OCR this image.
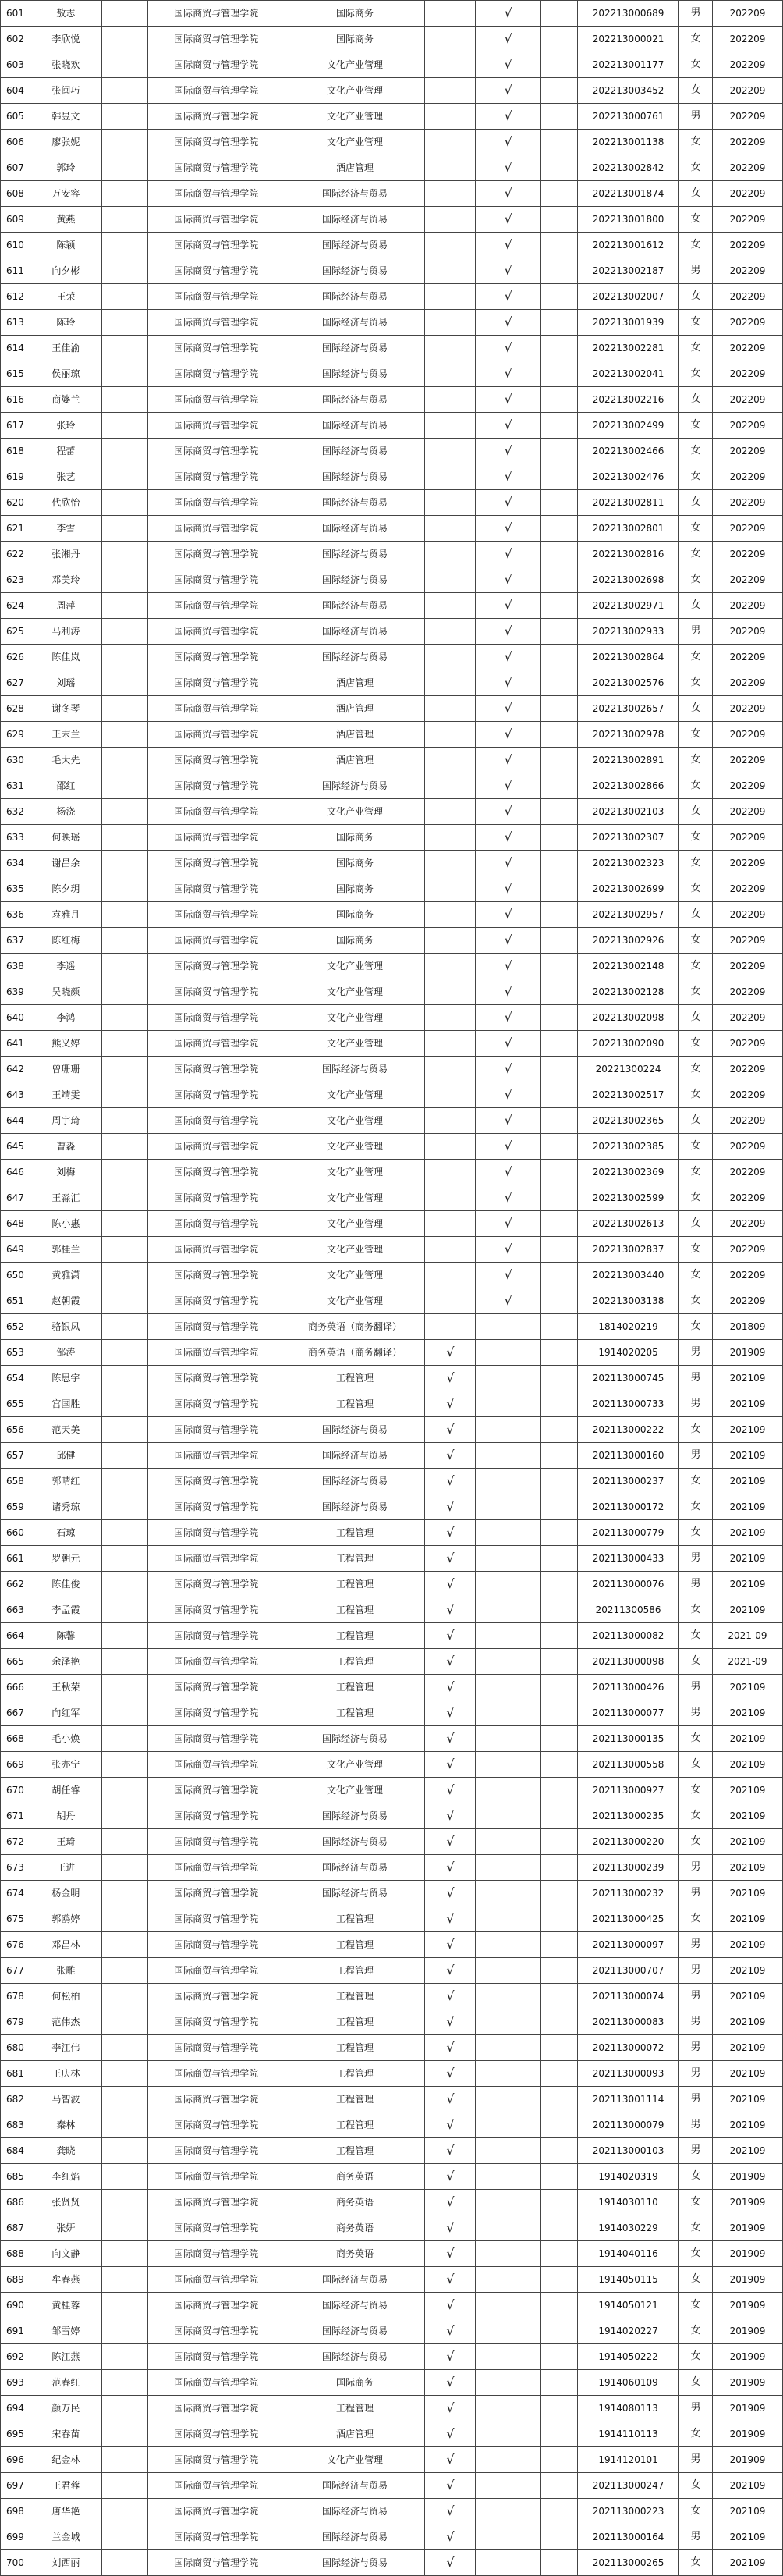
601	敖志		国际商贸与管理学院	国际商务		√		202213000689	男	202209
602	李欣悦		国际商贸与管理学院	国际商务		√		202213000021	女	202209
603	张晓欢		国际商贸与管理学院	文化产业管理		√		202213001177	女	202209
604	张闽巧		国际商贸与管理学院	文化产业管理		√		202213003452	女	202209
605	韩昱文		国际商贸与管理学院	文化产业管理		√		202213000761	男	202209
606	廖张妮		国际商贸与管理学院	文化产业管理		√		202213001138	女	202209
607	郭玲		国际商贸与管理学院	酒店管理		√		202213002842	女	202209
608	万安容		国际商贸与管理学院	国际经济与贸易		√		202213001874	女	202209
609	黄燕		国际商贸与管理学院	国际经济与贸易		√		202213001800	女	202209
610	陈颖		国际商贸与管理学院	国际经济与贸易		√		202213001612	女	202209
611	向夕彬		国际商贸与管理学院	国际经济与贸易		√		202213002187	男	202209
612	王荣		国际商贸与管理学院	国际经济与贸易		√		202213002007	女	202209
613	陈玲		国际商贸与管理学院	国际经济与贸易		√		202213001939	女	202209
614	王佳渝		国际商贸与管理学院	国际经济与贸易		√		202213002281	女	202209
615	侯丽琼		国际商贸与管理学院	国际经济与贸易		√		202213002041	女	202209
616	商婆兰		国际商贸与管理学院	国际经济与贸易		√		202213002216	女	202209
617	张玲		国际商贸与管理学院	国际经济与贸易		√		202213002499	女	202209
618	程蕾		国际商贸与管理学院	国际经济与贸易		√		202213002466	女	202209
619	张艺		国际商贸与管理学院	国际经济与贸易		√		202213002476	女	202209
620	代欣怡		国际商贸与管理学院	国际经济与贸易		√		202213002811	女	202209
621	李雪		国际商贸与管理学院	国际经济与贸易		√		202213002801	女	202209
622	张湘丹		国际商贸与管理学院	国际经济与贸易		√		202213002816	女	202209
623	邓美玲		国际商贸与管理学院	国际经济与贸易		√		202213002698	女	202209
624	周萍		国际商贸与管理学院	国际经济与贸易		√		202213002971	女	202209
625	马利涛		国际商贸与管理学院	国际经济与贸易		√		202213002933	男	202209
626	陈佳岚		国际商贸与管理学院	国际经济与贸易		√		202213002864	女	202209
627	刘瑶		国际商贸与管理学院	酒店管理		√		202213002576	女	202209
628	谢冬琴		国际商贸与管理学院	酒店管理		√		202213002657	女	202209
629	王末兰		国际商贸与管理学院	酒店管理		√		202213002978	女	202209
630	毛大先		国际商贸与管理学院	酒店管理		√		202213002891	女	202209
631	邵红		国际商贸与管理学院	国际经济与贸易		√		202213002866	女	202209
632	杨浇		国际商贸与管理学院	文化产业管理		√		202213002103	女	202209
633	何映瑶		国际商贸与管理学院	国际商务		√		202213002307	女	202209
634	谢昌余		国际商贸与管理学院	国际商务		√		202213002323	女	202209
635	陈夕玥		国际商贸与管理学院	国际商务		√		202213002699	女	202209
636	袁雅月		国际商贸与管理学院	国际商务		√		202213002957	女	202209
637	陈红梅		国际商贸与管理学院	国际商务		√		202213002926	女	202209
638	李遥		国际商贸与管理学院	文化产业管理		√		202213002148	女	202209
639	吴晓颜		国际商贸与管理学院	文化产业管理		√		202213002128	女	202209
640	李鸿		国际商贸与管理学院	文化产业管理		√		202213002098	女	202209
641	熊义婷		国际商贸与管理学院	文化产业管理		√		202213002090	女	202209
642	曾珊珊		国际商贸与管理学院	国际经济与贸易		√		20221300224	女	202209
643	王靖雯		国际商贸与管理学院	文化产业管理		√		202213002517	女	202209
644	周宇琦		国际商贸与管理学院	文化产业管理		√		202213002365	女	202209
645	曹淼		国际商贸与管理学院	文化产业管理		√		202213002385	女	202209
646	刘梅		国际商贸与管理学院	文化产业管理		√		202213002369	女	202209
647	王淼汇		国际商贸与管理学院	文化产业管理		√		202213002599	女	202209
648	陈小惠		国际商贸与管理学院	文化产业管理		√		202213002613	女	202209
649	郭桂兰		国际商贸与管理学院	文化产业管理		√		202213002837	女	202209
650	黄雅潇		国际商贸与管理学院	文化产业管理		√		202213003440	女	202209
651	赵朝霞		国际商贸与管理学院	文化产业管理		√		202213003138	女	202209
652	骆银凤		国际商贸与管理学院	商务英语（商务翻译）				1814020219	女	201809
653	邹涛		国际商贸与管理学院	商务英语（商务翻译）	√			1914020205	男	201909
654	陈思宇		国际商贸与管理学院	工程管理	√			202113000745	男	202109
655	宫国胜		国际商贸与管理学院	工程管理	√			202113000733	男	202109
656	范天美		国际商贸与管理学院	国际经济与贸易	√			202113000222	女	202109
657	邱健		国际商贸与管理学院	国际经济与贸易	√			202113000160	男	202109
658	郭晴红		国际商贸与管理学院	国际经济与贸易	√			202113000237	女	202109
659	诸秀琼		国际商贸与管理学院	国际经济与贸易	√			202113000172	女	202109
660	石琼		国际商贸与管理学院	工程管理	√			202113000779	女	202109
661	罗朝元		国际商贸与管理学院	工程管理	√			202113000433	男	202109
662	陈佳俊		国际商贸与管理学院	工程管理	√			202113000076	男	202109
663	李孟霞		国际商贸与管理学院	工程管理	√			20211300586	女	202109
664	陈馨		国际商贸与管理学院	工程管理	√			202113000082	女	2021-09
665	余泽艳		国际商贸与管理学院	工程管理	√			202113000098	女	2021-09
666	王秋荣		国际商贸与管理学院	工程管理	√			202113000426	男	202109
667	向红军		国际商贸与管理学院	工程管理	√			202113000077	男	202109
668	毛小焕		国际商贸与管理学院	国际经济与贸易	√			202113000135	女	202109
669	张亦宁		国际商贸与管理学院	文化产业管理	√			202113000558	女	202109
670	胡任睿		国际商贸与管理学院	文化产业管理	√			202113000927	女	202109
671	胡丹		国际商贸与管理学院	国际经济与贸易	√			202113000235	女	202109
672	王琦		国际商贸与管理学院	国际经济与贸易	√			202113000220	女	202109
673	王进		国际商贸与管理学院	国际经济与贸易	√			202113000239	男	202109
674	杨金明		国际商贸与管理学院	国际经济与贸易	√			202113000232	男	202109
675	郭鸥婷		国际商贸与管理学院	工程管理	√			202113000425	女	202109
676	邓昌林		国际商贸与管理学院	工程管理	√			202113000097	男	202109
677	张雕		国际商贸与管理学院	工程管理	√			202113000707	男	202109
678	何松柏		国际商贸与管理学院	工程管理	√			202113000074	男	202109
679	范伟杰		国际商贸与管理学院	工程管理	√			202113000083	男	202109
680	李江伟		国际商贸与管理学院	工程管理	√			202113000072	男	202109
681	王庆林		国际商贸与管理学院	工程管理	√			202113000093	男	202109
682	马智波		国际商贸与管理学院	工程管理	√			202113001114	男	202109
683	秦林		国际商贸与管理学院	工程管理	√			202113000079	男	202109
684	龚晓		国际商贸与管理学院	工程管理	√			202113000103	男	202109
685	李红焰		国际商贸与管理学院	商务英语	√			1914020319	女	201909
686	张贤贤		国际商贸与管理学院	商务英语	√			1914030110	女	201909
687	张妍		国际商贸与管理学院	商务英语	√			1914030229	女	201909
688	向文静		国际商贸与管理学院	商务英语	√			1914040116	女	201909
689	牟春燕		国际商贸与管理学院	国际经济与贸易	√			1914050115	女	201909
690	黄桂蓉		国际商贸与管理学院	国际经济与贸易	√			1914050121	女	201909
691	邹雪婷		国际商贸与管理学院	国际经济与贸易	√			1914020227	女	201909
692	陈江燕		国际商贸与管理学院	国际经济与贸易	√			1914050222	女	201909
693	范春红		国际商贸与管理学院	国际商务	√			1914060109	女	201909
694	颜万民		国际商贸与管理学院	工程管理	√			1914080113	男	201909
695	宋春苗		国际商贸与管理学院	酒店管理	√			1914110113	女	201909
696	纪金林		国际商贸与管理学院	文化产业管理	√			1914120101	男	201909
697	王君蓉		国际商贸与管理学院	国际经济与贸易	√			202113000247	女	202109
698	唐华艳		国际商贸与管理学院	国际经济与贸易	√			202113000223	女	202109
699	兰金城		国际商贸与管理学院	国际经济与贸易	√			202113000164	男	202109
700	刘西丽		国际商贸与管理学院	国际经济与贸易	√			202113000265	女	202109
